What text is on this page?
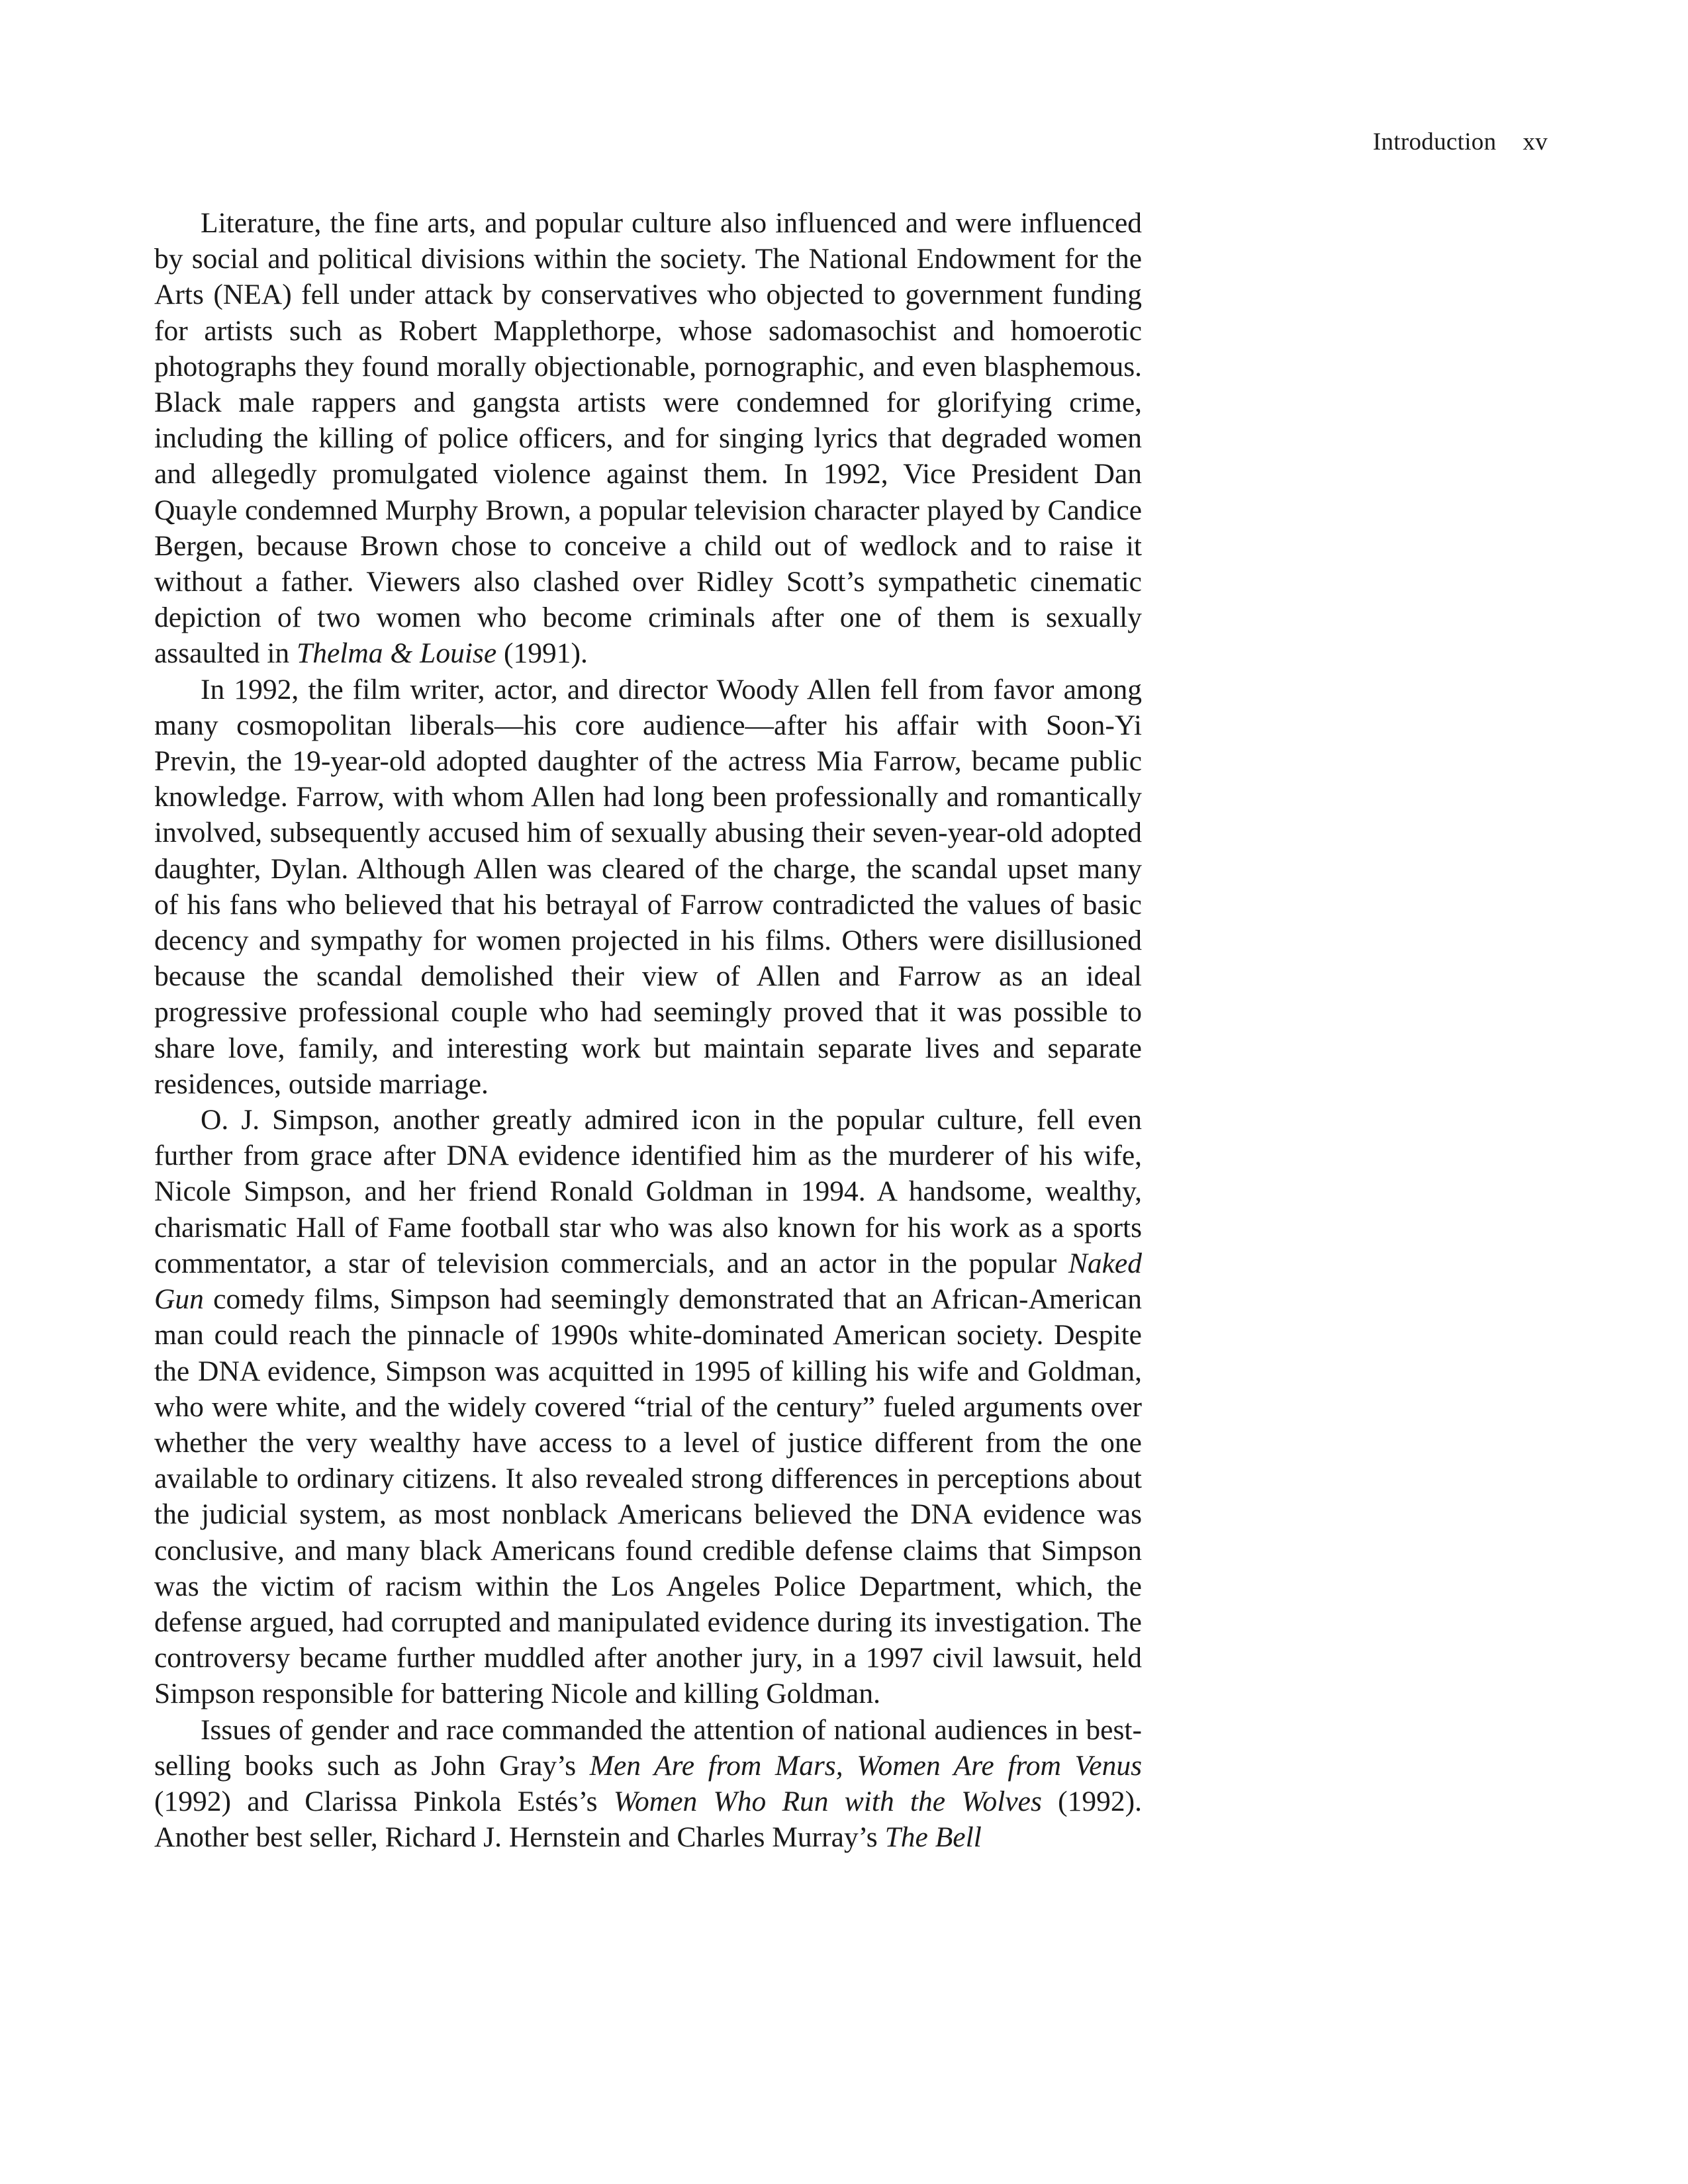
Introduction xv

Literature, the fine arts, and popular culture also influenced and were influenced by social and political divisions within the society. The National Endowment for the Arts (NEA) fell under attack by conservatives who objected to government funding for artists such as Robert Mapplethorpe, whose sadomasochist and homoerotic photographs they found morally objectionable, pornographic, and even blasphemous. Black male rappers and gangsta artists were condemned for glorifying crime, including the killing of police officers, and for singing lyrics that degraded women and allegedly promulgated violence against them. In 1992, Vice President Dan Quayle condemned Murphy Brown, a popular television character played by Candice Bergen, because Brown chose to conceive a child out of wedlock and to raise it without a father. Viewers also clashed over Ridley Scott’s sympathetic cinematic depiction of two women who become criminals after one of them is sexually assaulted in Thelma & Louise (1991).

In 1992, the film writer, actor, and director Woody Allen fell from favor among many cosmopolitan liberals—his core audience—after his affair with Soon-Yi Previn, the 19-year-old adopted daughter of the actress Mia Farrow, became public knowledge. Farrow, with whom Allen had long been professionally and romantically involved, subsequently accused him of sexually abusing their seven-year-old adopted daughter, Dylan. Although Allen was cleared of the charge, the scandal upset many of his fans who believed that his betrayal of Farrow contradicted the values of basic decency and sympathy for women projected in his films. Others were disillusioned because the scandal demolished their view of Allen and Farrow as an ideal progressive professional couple who had seemingly proved that it was possible to share love, family, and interesting work but maintain separate lives and separate residences, outside marriage.

O. J. Simpson, another greatly admired icon in the popular culture, fell even further from grace after DNA evidence identified him as the murderer of his wife, Nicole Simpson, and her friend Ronald Goldman in 1994. A handsome, wealthy, charismatic Hall of Fame football star who was also known for his work as a sports commentator, a star of television commercials, and an actor in the popular Naked Gun comedy films, Simpson had seemingly demonstrated that an African-American man could reach the pinnacle of 1990s white-dominated American society. Despite the DNA evidence, Simpson was acquitted in 1995 of killing his wife and Goldman, who were white, and the widely covered “trial of the century” fueled arguments over whether the very wealthy have access to a level of justice different from the one available to ordinary citizens. It also revealed strong differences in perceptions about the judicial system, as most nonblack Americans believed the DNA evidence was conclusive, and many black Americans found credible defense claims that Simpson was the victim of racism within the Los Angeles Police Department, which, the defense argued, had corrupted and manipulated evidence during its investigation. The controversy became further muddled after another jury, in a 1997 civil lawsuit, held Simpson responsible for battering Nicole and killing Goldman.

Issues of gender and race commanded the attention of national audiences in best-selling books such as John Gray’s Men Are from Mars, Women Are from Venus (1992) and Clarissa Pinkola Estés’s Women Who Run with the Wolves (1992). Another best seller, Richard J. Hernstein and Charles Murray’s The Bell
